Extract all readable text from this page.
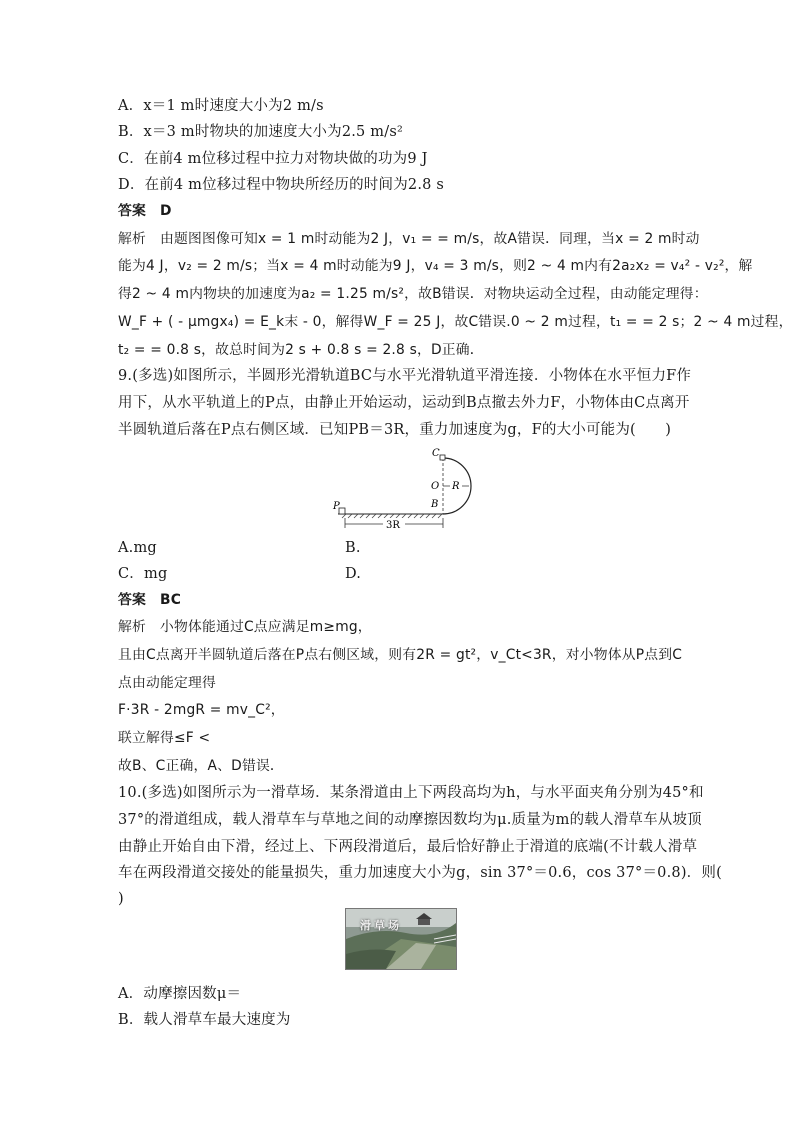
A．x＝1 m时速度大小为2 m/s
B．x＝3 m时物块的加速度大小为2.5 m/s²
C．在前4 m位移过程中拉力对物块做的功为9 J
D．在前4 m位移过程中物块所经历的时间为2.8 s
答案　D
解析　由题图图像可知x = 1 m时动能为2 J，v₁ = = m/s，故A错误．同理，当x = 2 m时动
能为4 J，v₂ = 2 m/s；当x = 4 m时动能为9 J，v₄ = 3 m/s，则2 ~ 4 m内有2a₂x₂ = v₄² - v₂²，解
得2 ~ 4 m内物块的加速度为a₂ = 1.25 m/s²，故B错误．对物块运动全过程，由动能定理得：
W_F + ( - μmgx₄) = E_k末 - 0，解得W_F = 25 J，故C错误.0 ~ 2 m过程，t₁ = = 2 s；2 ~ 4 m过程，
t₂ = = 0.8 s，故总时间为2 s + 0.8 s = 2.8 s，D正确．
9.(多选)如图所示，半圆形光滑轨道BC与水平光滑轨道平滑连接．小物体在水平恒力F作
用下，从水平轨道上的P点，由静止开始运动，运动到B点撤去外力F，小物体由C点离开
半圆轨道后落在P点右侧区域．已知PB＝3R，重力加速度为g，F的大小可能为(　　)
C
O R
B
P
3R
A.mg	B.
C．mg	D.
答案　BC
解析　小物体能通过C点应满足m≥mg，
且由C点离开半圆轨道后落在P点右侧区域，则有2R = gt²，v_Ct<3R，对小物体从P点到C
点由动能定理得
F·3R - 2mgR = mv_C²，
联立解得≤F <
故B、C正确，A、D错误．
10.(多选)如图所示为一滑草场．某条滑道由上下两段高均为h，与水平面夹角分别为45°和
37°的滑道组成，载人滑草车与草地之间的动摩擦因数均为μ.质量为m的载人滑草车从坡顶
由静止开始自由下滑，经过上、下两段滑道后，最后恰好静止于滑道的底端(不计载人滑草
车在两段滑道交接处的能量损失，重力加速度大小为g，sin 37°＝0.6，cos 37°＝0.8)．则(
)
滑草场
A．动摩擦因数μ＝
B．载人滑草车最大速度为
